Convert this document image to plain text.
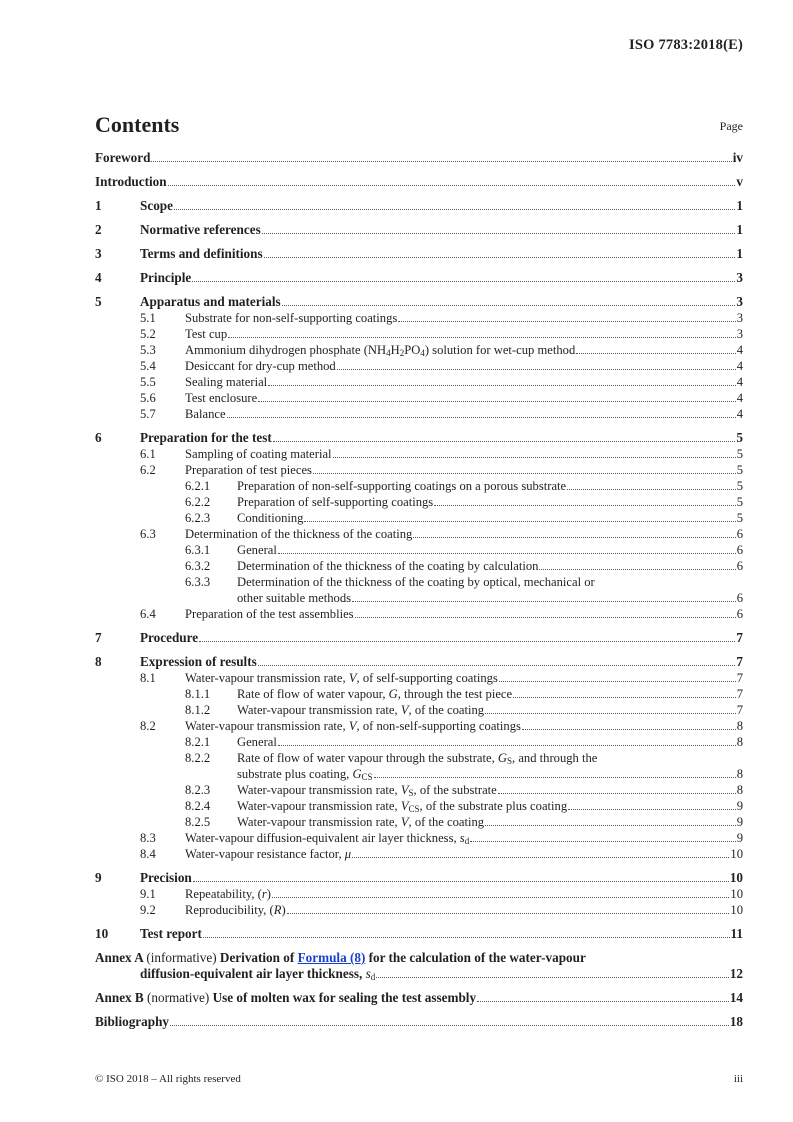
ISO 7783:2018(E)
Contents	Page
Foreword	iv
Introduction	v
1	Scope	1
2	Normative references	1
3	Terms and definitions	1
4	Principle	3
5	Apparatus and materials	3
5.1	Substrate for non-self-supporting coatings	3
5.2	Test cup	3
5.3	Ammonium dihydrogen phosphate $(NH_4H_2PO_4)$ solution for wet-cup method	4
5.4	Desiccant for dry-cup method	4
5.5	Sealing material	4
5.6	Test enclosure	4
5.7	Balance	4
6	Preparation for the test	5
6.1	Sampling of coating material	5
6.2	Preparation of test pieces	5
6.2.1	Preparation of non-self-supporting coatings on a porous substrate	5
6.2.2	Preparation of self-supporting coatings	5
6.2.3	Conditioning	5
6.3	Determination of the thickness of the coating	6
6.3.1	General	6
6.3.2	Determination of the thickness of the coating by calculation	6
6.3.3	Determination of the thickness of the coating by optical, mechanical or
other suitable methods	6
6.4	Preparation of the test assemblies	6
7	Procedure	7
8	Expression of results	7
8.1	Water-vapour transmission rate, V, of self-supporting coatings	7
8.1.1	Rate of flow of water vapour, G, through the test piece	7
8.1.2	Water-vapour transmission rate, V, of the coating	7
8.2	Water-vapour transmission rate, V, of non-self-supporting coatings	8
8.2.1	General	8
8.2.2	Rate of flow of water vapour through the substrate, $G_S$, and through the
substrate plus coating, $G_{CS}$	8
8.2.3	Water-vapour transmission rate, $V_S$, of the substrate	8
8.2.4	Water-vapour transmission rate, $V_{CS}$, of the substrate plus coating	9
8.2.5	Water-vapour transmission rate, V, of the coating	9
8.3	Water-vapour diffusion-equivalent air layer thickness, $s_d$	9
8.4	Water-vapour resistance factor, μ	10
9	Precision	10
9.1	Repeatability, (r)	10
9.2	Reproducibility, (R)	10
10	Test report	11
Annex A (informative) Derivation of Formula (8) for the calculation of the water-vapour
diffusion-equivalent air layer thickness, $s_d$	12
Annex B (normative) Use of molten wax for sealing the test assembly	14
Bibliography	18
© ISO 2018 – All rights reserved	iii
